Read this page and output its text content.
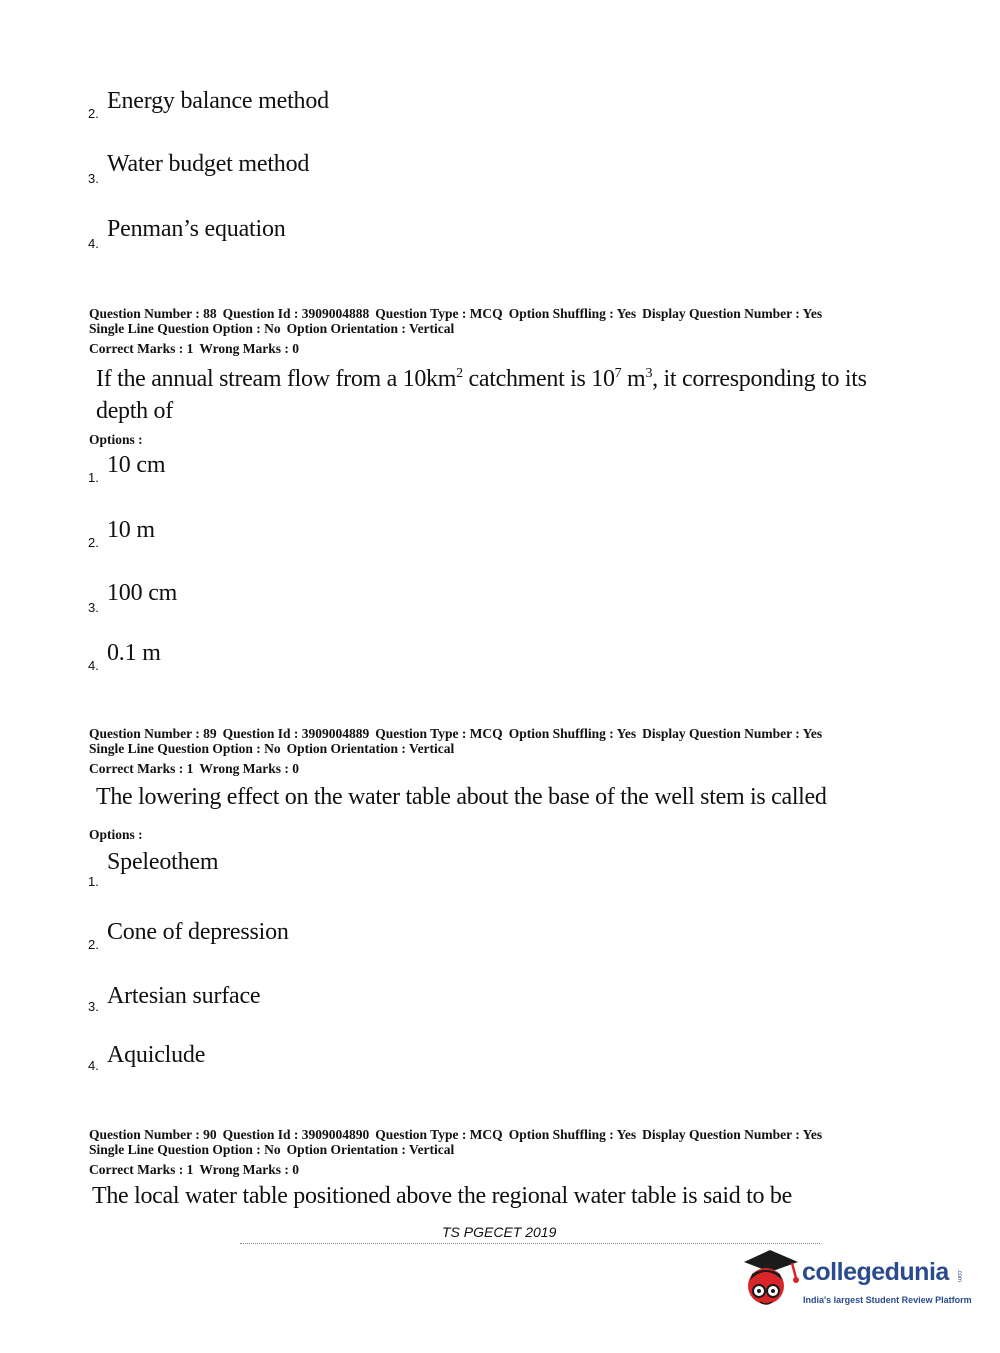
2. Energy balance method
3.
Water budget method
4.
Penman’s equation
Question Number : 88 Question Id : 3909004888 Question Type : MCQ Option Shuffling : Yes Display Question Number : Yes
Single Line Question Option : No Option Orientation : Vertical
Correct Marks : 1 Wrong Marks : 0
If the annual stream flow from a $10km^2$ catchment is $10^7$ $m^3$, it corresponding to its
depth of
Options :
1. 10 cm
2. 10 m
3.
100 cm
4. 0.1 m
Question Number : 89 Question Id : 3909004889 Question Type : MCQ Option Shuffling : Yes Display Question Number : Yes
Single Line Question Option : No Option Orientation : Vertical
Correct Marks : 1 Wrong Marks : 0
The lowering effect on the water table about the base of the well stem is called
Options :
1.
Speleothem
2. Cone of depression
3. Artesian surface
4. Aquiclude
Question Number : 90 Question Id : 3909004890 Question Type : MCQ Option Shuffling : Yes Display Question Number : Yes
Single Line Question Option : No Option Orientation : Vertical
Correct Marks : 1 Wrong Marks : 0
The local water table positioned above the regional water table is said to be
TS PGECET 2019
collegedunia .com
India's largest Student Review Platform
